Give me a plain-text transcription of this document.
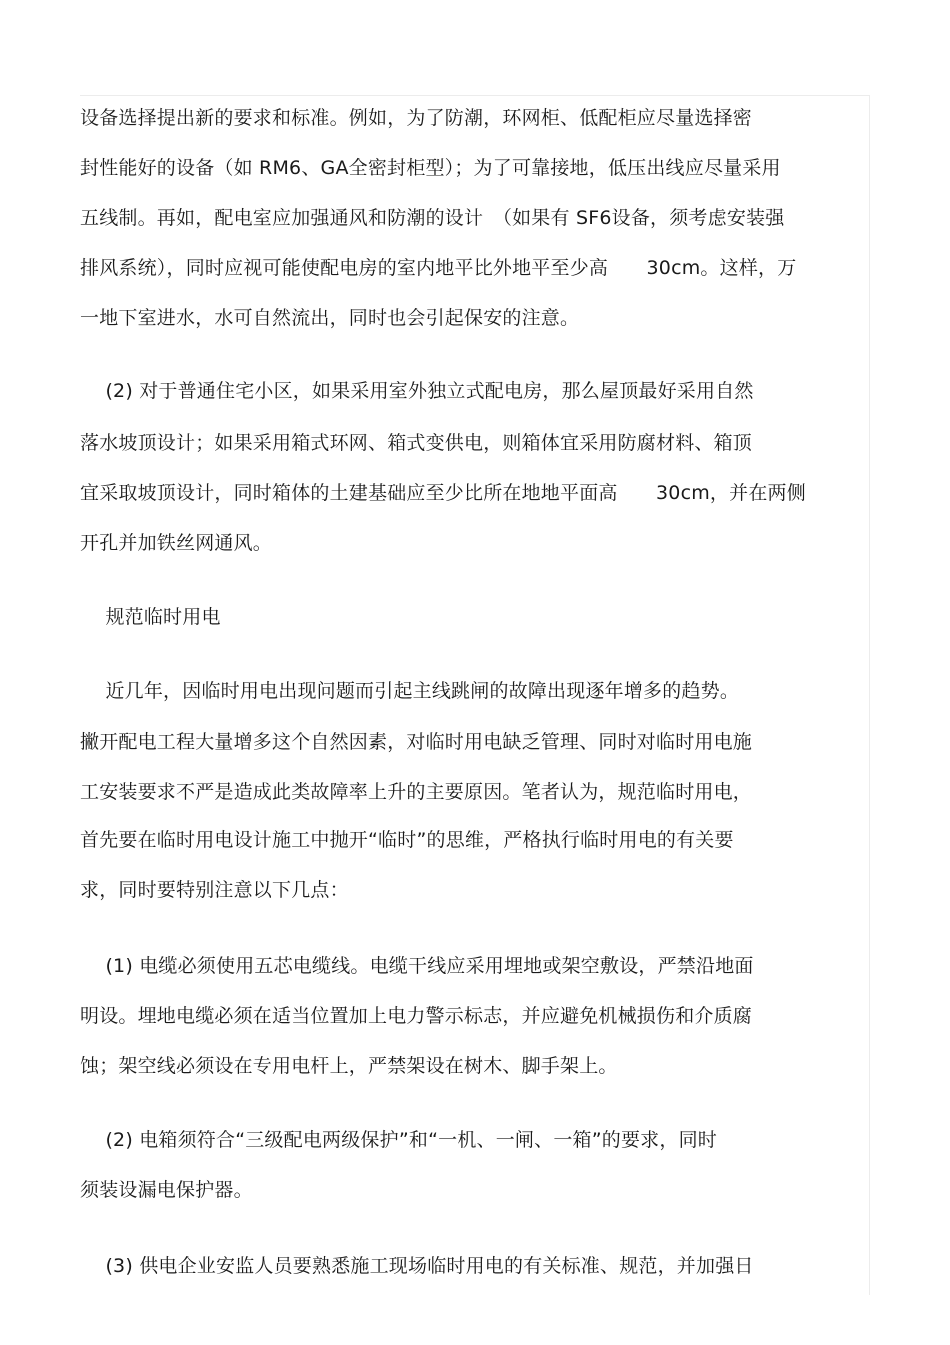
设备选择提出新的要求和标准。例如，为了防潮，环网柜、低配柜应尽量选择密
封性能好的设备（如 RM6、GA全密封柜型）；为了可靠接地，低压出线应尽量采用
五线制。再如，配电室应加强通风和防潮的设计　（如果有 SF6设备，须考虑安装强
排风系统），同时应视可能使配电房的室内地平比外地平至少高　　30cm。这样，万
一地下室进水，水可自然流出，同时也会引起保安的注意。
　 (2) 对于普通住宅小区，如果采用室外独立式配电房，那么屋顶最好采用自然
落水坡顶设计；如果采用箱式环网、箱式变供电，则箱体宜采用防腐材料、箱顶
宜采取坡顶设计，同时箱体的土建基础应至少比所在地地平面高　　30cm，并在两侧
开孔并加铁丝网通风。
　 规范临时用电
　 近几年，因临时用电出现问题而引起主线跳闸的故障出现逐年增多的趋势。
撇开配电工程大量增多这个自然因素，对临时用电缺乏管理、同时对临时用电施
工安装要求不严是造成此类故障率上升的主要原因。笔者认为，规范临时用电，
首先要在临时用电设计施工中抛开“临时”的思维，严格执行临时用电的有关要
求，同时要特别注意以下几点：
　 (1) 电缆必须使用五芯电缆线。电缆干线应采用埋地或架空敷设，严禁沿地面
明设。埋地电缆必须在适当位置加上电力警示标志，并应避免机械损伤和介质腐
蚀；架空线必须设在专用电杆上，严禁架设在树木、脚手架上。
　 (2) 电箱须符合“三级配电两级保护”和“一机、一闸、一箱”的要求，同时
须装设漏电保护器。
　 (3) 供电企业安监人员要熟悉施工现场临时用电的有关标准、规范，并加强日
